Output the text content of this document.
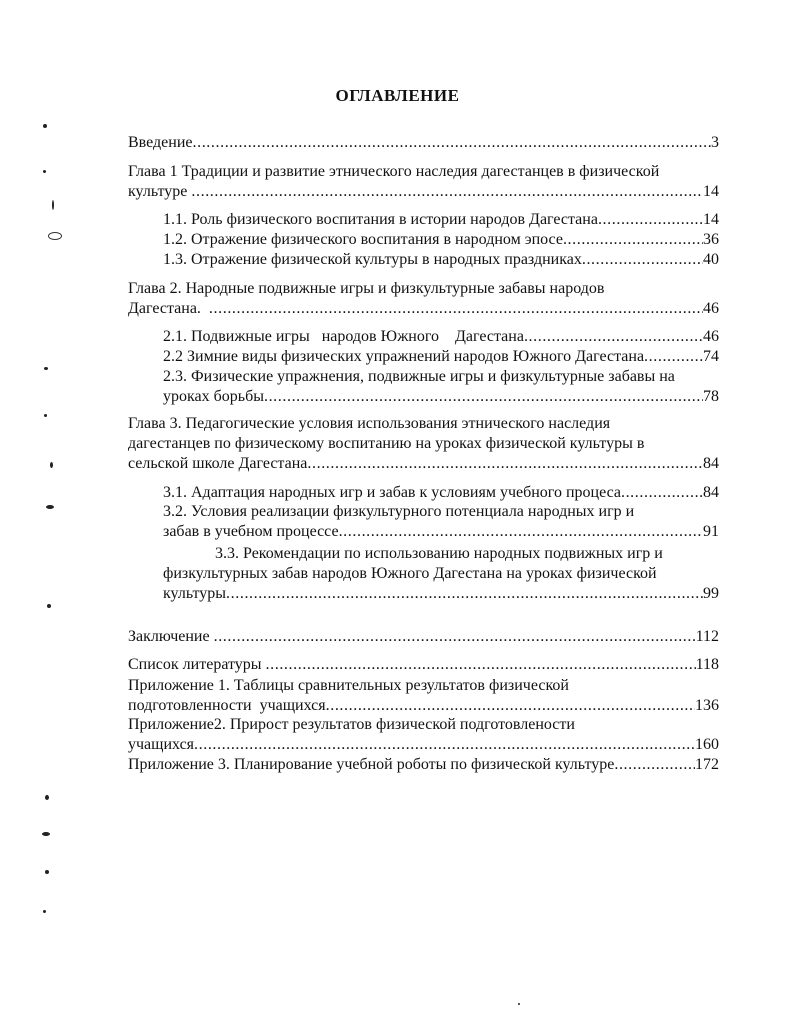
ОГЛАВЛЕНИЕ
Введение .....	3
Глава 1 Традиции и развитие этнического наследия дагестанцев в физической
культуре .....	14
1.1. Роль физического воспитания в истории народов Дагестана .....	14
1.2. Отражение физического воспитания в народном эпосе .....	36
1.3. Отражение физической культуры в народных праздниках .....	40
Глава 2. Народные подвижные игры и физкультурные забавы народов
Дагестана. .....	46
2.1. Подвижные игры   народов Южного    Дагестана .....	46
2.2 Зимние виды физических упражнений народов Южного Дагестана .....	74
2.3. Физические упражнения, подвижные игры и физкультурные забавы на
уроках борьбы .....	78
Глава 3. Педагогические условия использования этнического наследия
дагестанцев по физическому воспитанию на уроках физической культуры в
сельской школе Дагестана .....	84
3.1. Адаптация народных игр и забав к условиям учебного процеса .....	84
3.2. Условия реализации физкультурного потенциала народных игр и
забав в учебном процессе .....	91
3.3. Рекомендации по использованию народных подвижных игр и
физкультурных забав народов Южного Дагестана на уроках физической
культуры .....	99
Заключение .....	112
Список литературы .....	118
Приложение 1. Таблицы сравнительных результатов физической
подготовленности  учащихся .....	136
Приложение2. Прирост результатов физической подготовлености
учащихся .....	160
Приложение 3. Планирование учебной роботы по физической культуре .....	172
